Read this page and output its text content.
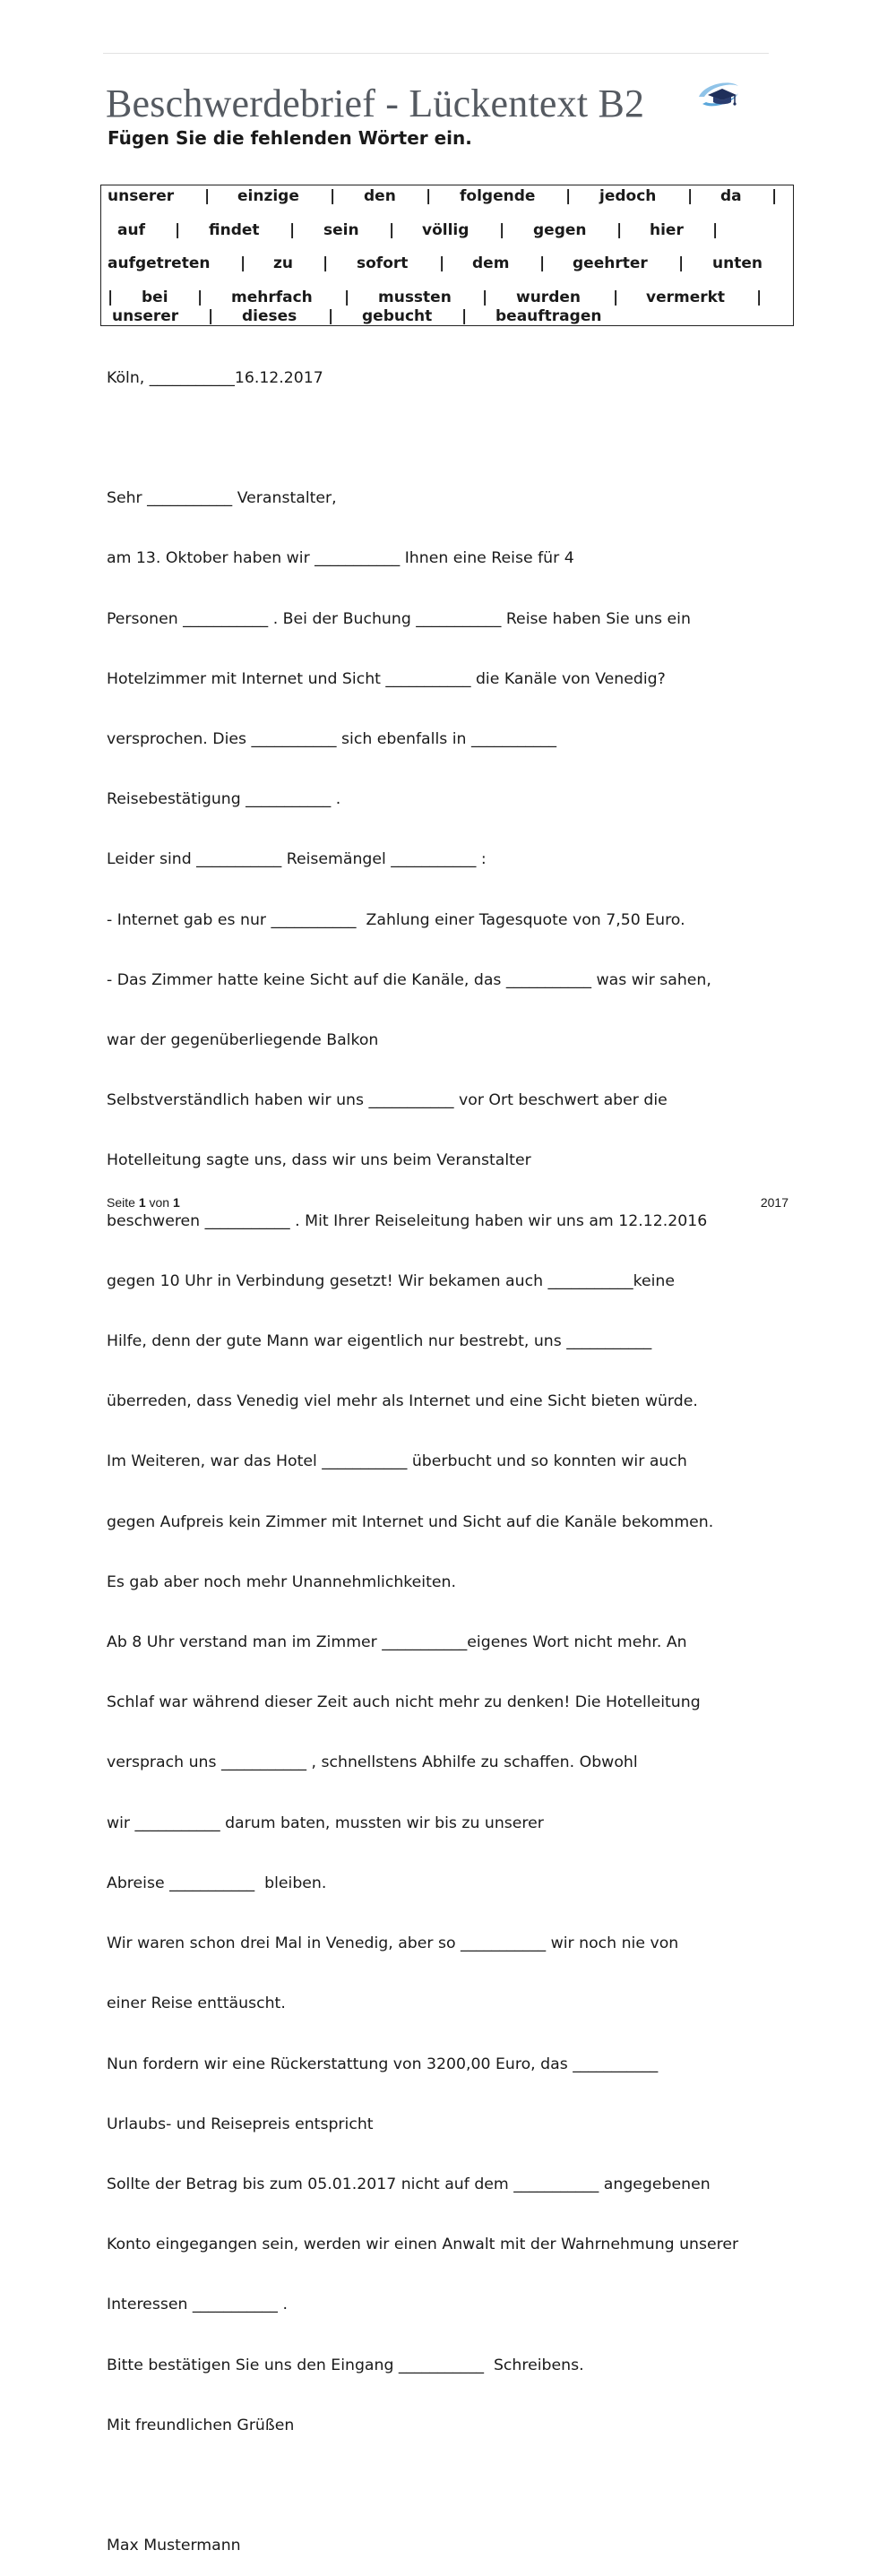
Beschwerdebrief - Lückentext B2
Fügen Sie die fehlenden Wörter ein.
unserer | einzige | den | folgende | jedoch | da |
auf | findet | sein | völlig | gegen | hier |
aufgetreten | zu | sofort | dem | geehrter | unten
| bei | mehrfach | mussten | wurden | vermerkt |
unserer | dieses | gebucht | beauftragen

Köln, ___________16.12.2017

Sehr ___________ Veranstalter,

am 13. Oktober haben wir ___________ Ihnen eine Reise für 4

Personen ___________ . Bei der Buchung ___________ Reise haben Sie uns ein

Hotelzimmer mit Internet und Sicht ___________ die Kanäle von Venedig?

versprochen. Dies ___________ sich ebenfalls in ___________

Reisebestätigung ___________ .

Leider sind ___________ Reisemängel ___________ :

- Internet gab es nur ___________  Zahlung einer Tagesquote von 7,50 Euro.

- Das Zimmer hatte keine Sicht auf die Kanäle, das ___________ was wir sahen,

war der gegenüberliegende Balkon

Selbstverständlich haben wir uns ___________ vor Ort beschwert aber die

Hotelleitung sagte uns, dass wir uns beim Veranstalter

beschweren ___________ . Mit Ihrer Reiseleitung haben wir uns am 12.12.2016

gegen 10 Uhr in Verbindung gesetzt! Wir bekamen auch ___________keine

Hilfe, denn der gute Mann war eigentlich nur bestrebt, uns ___________

überreden, dass Venedig viel mehr als Internet und eine Sicht bieten würde.

Im Weiteren, war das Hotel ___________ überbucht und so konnten wir auch

gegen Aufpreis kein Zimmer mit Internet und Sicht auf die Kanäle bekommen.

Es gab aber noch mehr Unannehmlichkeiten.

Ab 8 Uhr verstand man im Zimmer ___________eigenes Wort nicht mehr. An

Schlaf war während dieser Zeit auch nicht mehr zu denken! Die Hotelleitung

versprach uns ___________ , schnellstens Abhilfe zu schaffen. Obwohl

wir ___________ darum baten, mussten wir bis zu unserer

Abreise ___________  bleiben.

Wir waren schon drei Mal in Venedig, aber so ___________ wir noch nie von

einer Reise enttäuscht.

Nun fordern wir eine Rückerstattung von 3200,00 Euro, das ___________

Urlaubs- und Reisepreis entspricht

Sollte der Betrag bis zum 05.01.2017 nicht auf dem ___________ angegebenen

Konto eingegangen sein, werden wir einen Anwalt mit der Wahrnehmung unserer

Interessen ___________ .

Bitte bestätigen Sie uns den Eingang ___________  Schreibens.

Mit freundlichen Grüßen

Max Mustermann

Seite 1 von 1	2017
